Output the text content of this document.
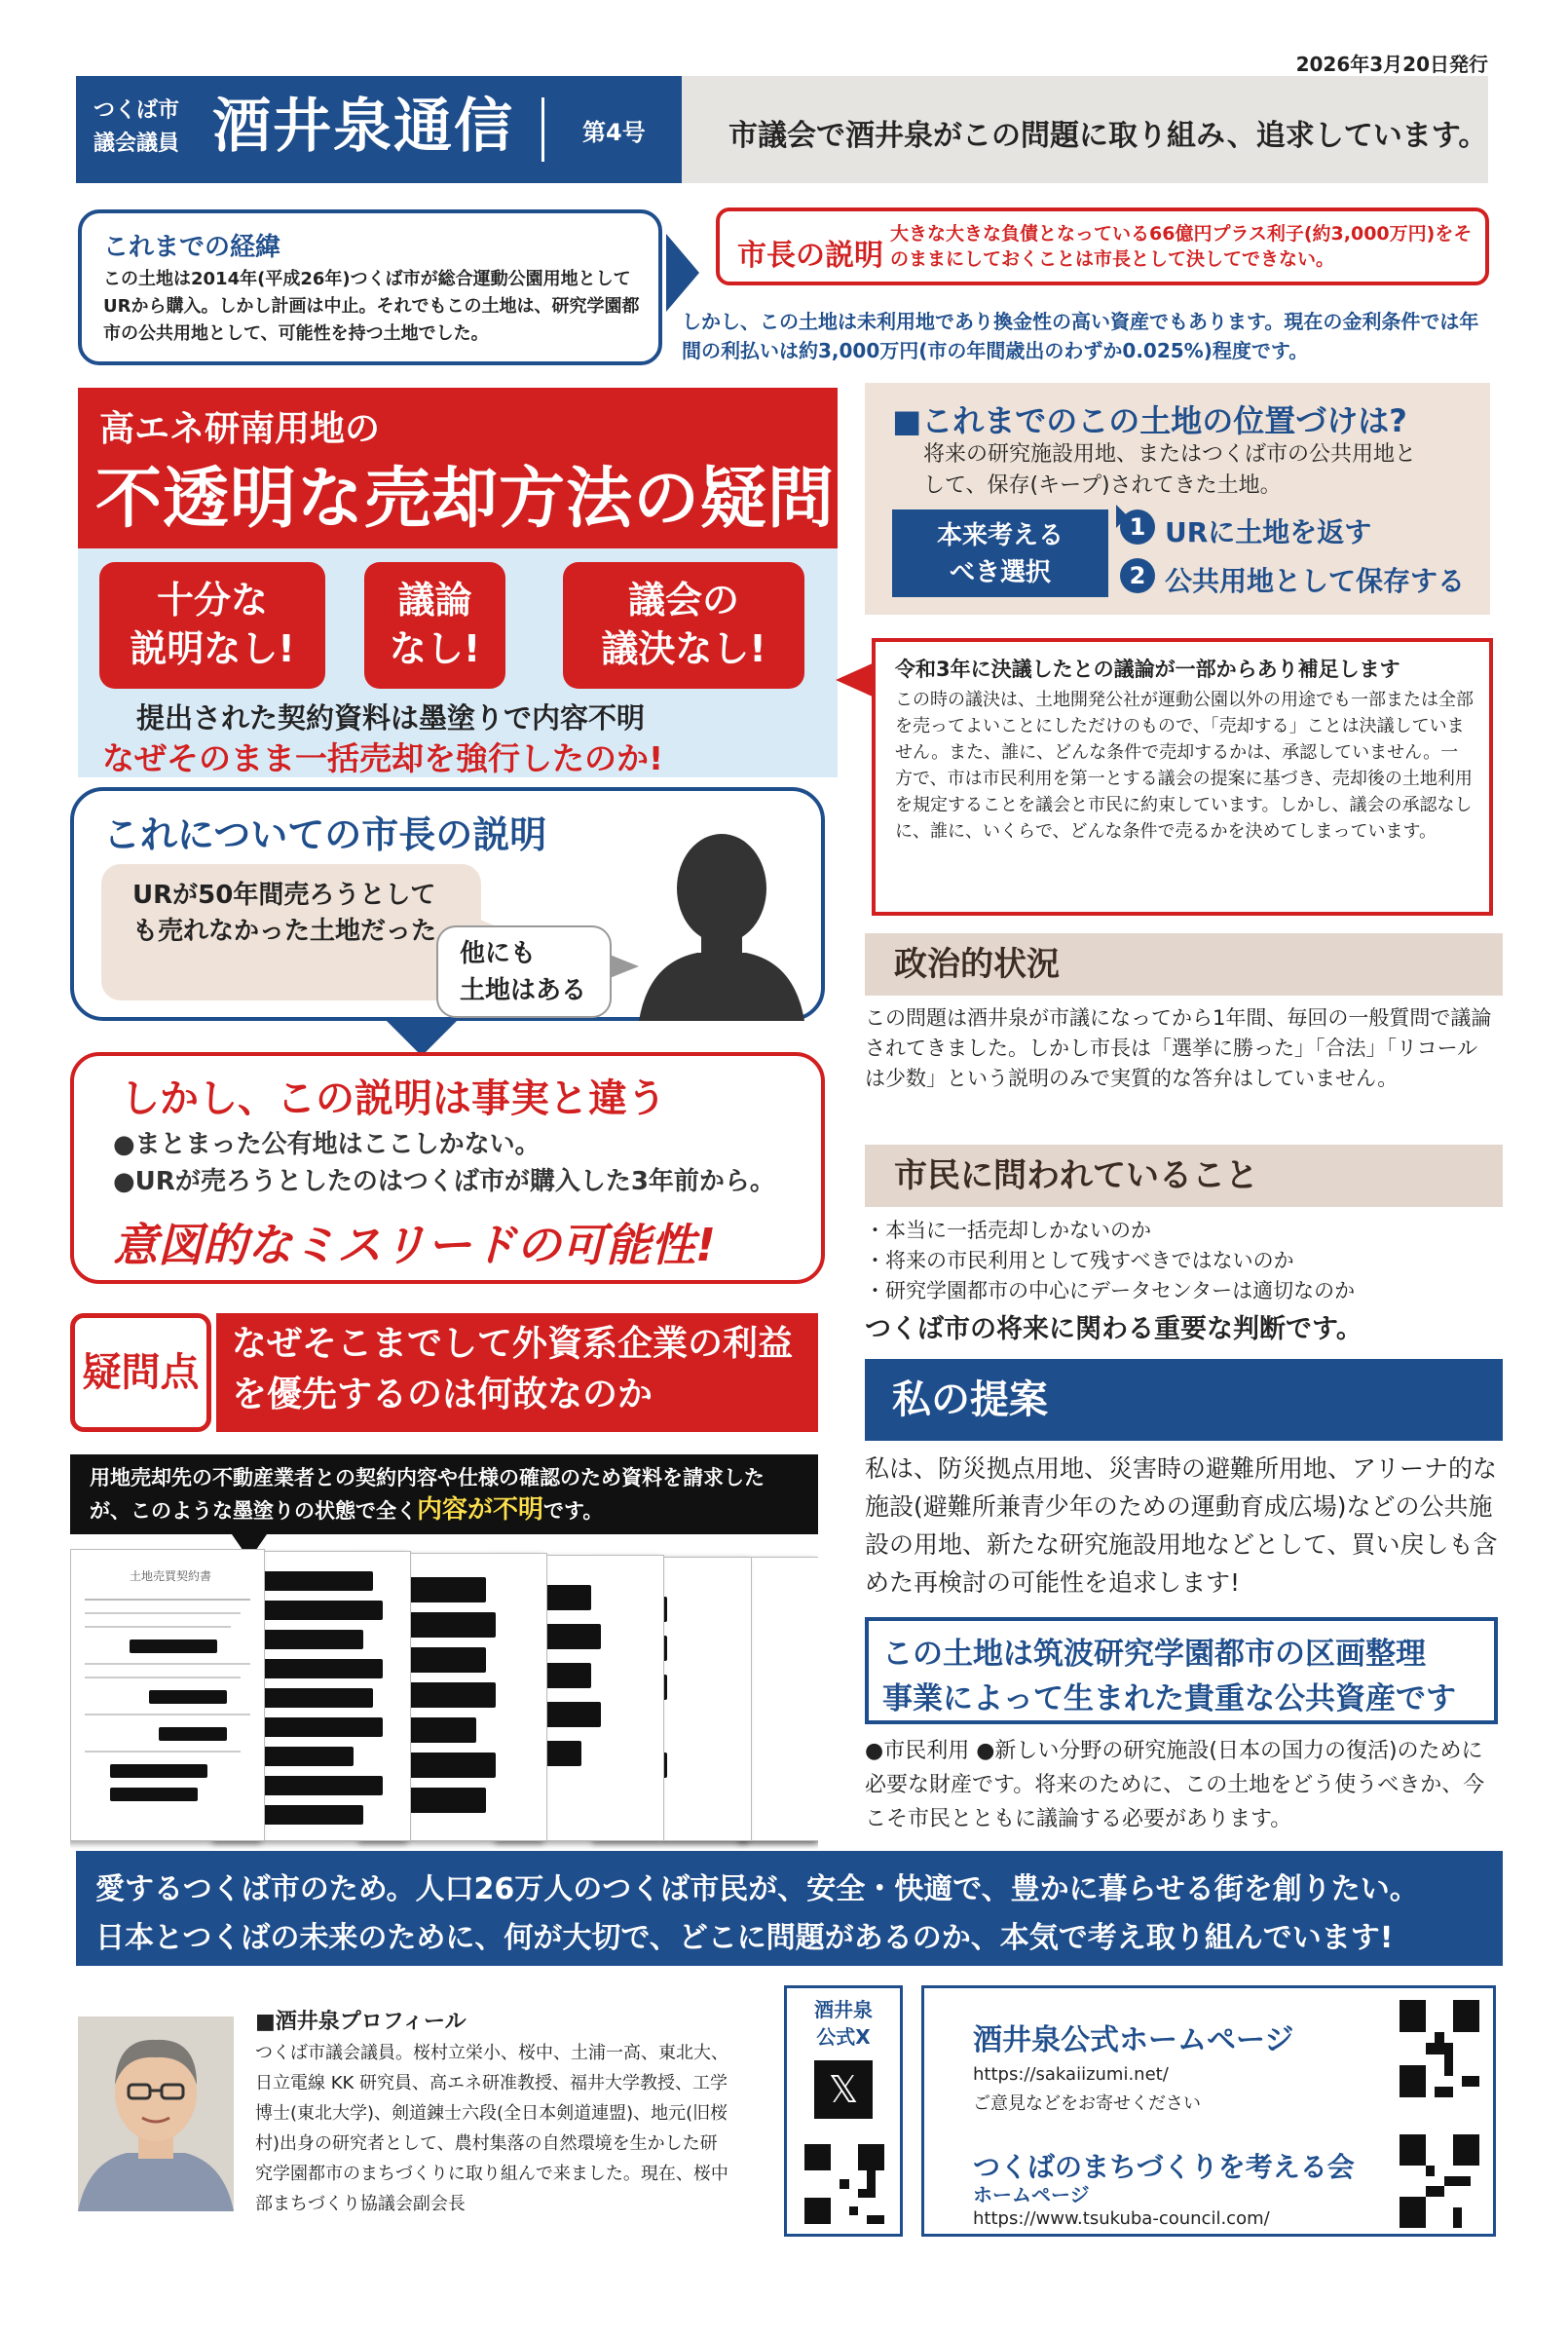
つくば市
議会議員 酒井泉通信	第4号	市議会で酒井泉がこの問題に取り組み、追求しています。
2026年3月20日発行
これまでの経緯
この土地は2014年(平成26年)つくば市が総合運動公園用地としてURから購入。しかし計画は中止。それでもこの土地は、研究学園都市の公共用地として、可能性を持つ土地でした。
市長の説明
大きな大きな負債となっている66億円プラス利子(約3,000万円)をそのままにしておくことは市長として決してできない。
しかし、この土地は未利用地であり換金性の高い資産でもあります。現在の金利条件では年間の利払いは約3,000万円(市の年間歳出のわずか0.025%)程度です。
高エネ研南用地の
不透明な売却方法の疑問
十分な
説明なし!
議論
なし!
議会の
議決なし!
提出された契約資料は墨塗りで内容不明
なぜそのまま一括売却を強行したのか!
■これまでのこの土地の位置づけは?
将来の研究施設用地、またはつくば市の公共用地として、保存(キープ)されてきた土地。
本来考える
べき選択
1 URに土地を返す
2 公共用地として保存する
令和3年に決議したとの議論が一部からあり補足します
この時の議決は、土地開発公社が運動公園以外の用途でも一部または全部を売ってよいことにしただけのもので、「売却する」ことは決議していません。また、誰に、どんな条件で売却するかは、承認していません。一方で、市は市民利用を第一とする議会の提案に基づき、売却後の土地利用を規定することを議会と市民に約束しています。しかし、議会の承認なしに、誰に、いくらで、どんな条件で売るかを決めてしまっています。
これについての市長の説明
URが50年間売ろうとしても売れなかった土地だった
他にも
土地はある
しかし、この説明は事実と違う
●まとまった公有地はここしかない。
●URが売ろうとしたのはつくば市が購入した3年前から。
意図的なミスリードの可能性!
疑問点
なぜそこまでして外資系企業の利益を優先するのは何故なのか
用地売却先の不動産業者との契約内容や仕様の確認のため資料を請求したが、このような墨塗りの状態で全く内容が不明です。
土地売買契約書
政治的状況
この問題は酒井泉が市議になってから1年間、毎回の一般質問で議論されてきました。しかし市長は「選挙に勝った」「合法」「リコールは少数」という説明のみで実質的な答弁はしていません。
市民に問われていること
・本当に一括売却しかないのか
・将来の市民利用として残すべきではないのか
・研究学園都市の中心にデータセンターは適切なのか
つくば市の将来に関わる重要な判断です。
私の提案
私は、防災拠点用地、災害時の避難所用地、アリーナ的な施設(避難所兼青少年のための運動育成広場)などの公共施設の用地、新たな研究施設用地などとして、買い戻しも含めた再検討の可能性を追求します!
この土地は筑波研究学園都市の区画整理
事業によって生まれた貴重な公共資産です
●市民利用 ●新しい分野の研究施設(日本の国力の復活)のために必要な財産です。将来のために、この土地をどう使うべきか、今こそ市民とともに議論する必要があります。
愛するつくば市のため。人口26万人のつくば市民が、安全・快適で、豊かに暮らせる街を創りたい。
日本とつくばの未来のために、何が大切で、どこに問題があるのか、本気で考え取り組んでいます!
■酒井泉プロフィール
つくば市議会議員。桜村立栄小、桜中、土浦一高、東北大、日立電線 KK 研究員、高エネ研准教授、福井大学教授、工学博士(東北大学)、剣道錬士六段(全日本剣道連盟)、地元(旧桜村)出身の研究者として、農村集落の自然環境を生かした研究学園都市のまちづくりに取り組んで来ました。現在、桜中部まちづくり協議会副会長
酒井泉
公式X
𝕏
酒井泉公式ホームページ
https://sakaiizumi.net/
ご意見などをお寄せください
つくばのまちづくりを考える会
ホームページ
https://www.tsukuba-council.com/
